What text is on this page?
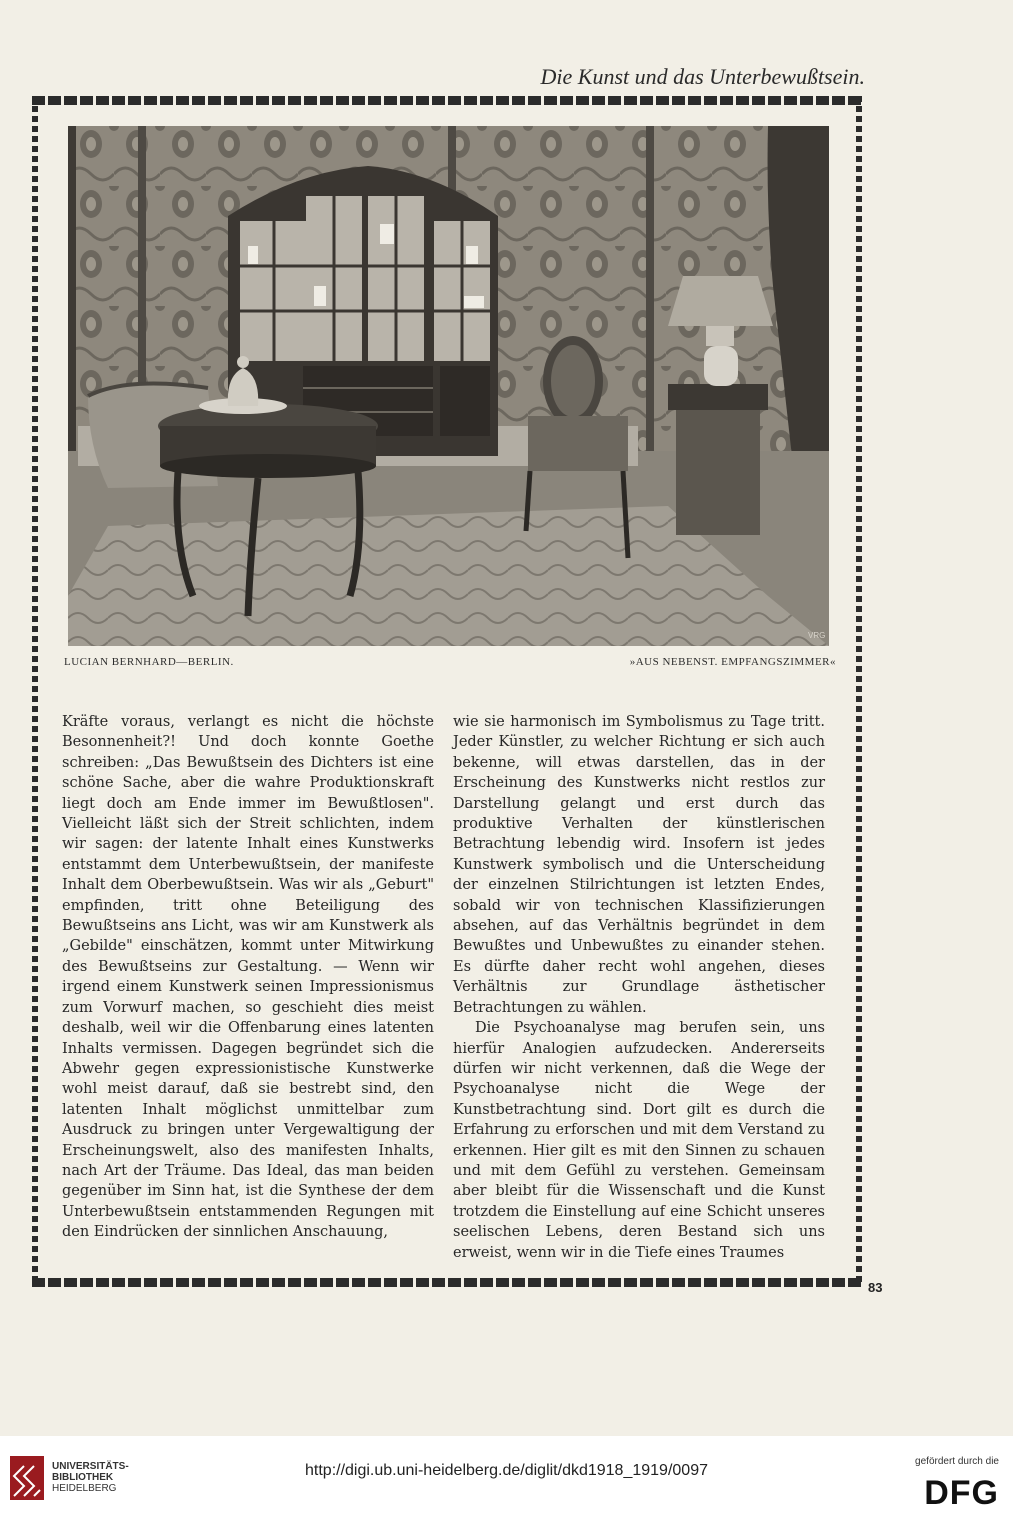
Die Kunst und das Unterbewußtsein.
VRG
LUCIAN BERNHARD—BERLIN.	»AUS NEBENST. EMPFANGSZIMMER«

Kräfte voraus, verlangt es nicht die höchste Besonnenheit?! Und doch konnte Goethe schreiben: „Das Bewußtsein des Dichters ist eine schöne Sache, aber die wahre Produktionskraft liegt doch am Ende immer im Bewußtlosen". Vielleicht läßt sich der Streit schlichten, indem wir sagen: der latente Inhalt eines Kunstwerks entstammt dem Unterbewußtsein, der manifeste Inhalt dem Oberbewußtsein. Was wir als „Geburt" empfinden, tritt ohne Beteiligung des Bewußtseins ans Licht, was wir am Kunstwerk als „Gebilde" einschätzen, kommt unter Mitwirkung des Bewußtseins zur Gestaltung. — Wenn wir irgend einem Kunstwerk seinen Impressionismus zum Vorwurf machen, so geschieht dies meist deshalb, weil wir die Offenbarung eines latenten Inhalts vermissen. Dagegen begründet sich die Abwehr gegen expressionistische Kunstwerke wohl meist darauf, daß sie bestrebt sind, den latenten Inhalt möglichst unmittelbar zum Ausdruck zu bringen unter Vergewaltigung der Erscheinungswelt, also des manifesten Inhalts, nach Art der Träume. Das Ideal, das man beiden gegenüber im Sinn hat, ist die Synthese der dem Unterbewußtsein entstammenden Regungen mit den Eindrücken der sinnlichen Anschauung,

wie sie harmonisch im Symbolismus zu Tage tritt. Jeder Künstler, zu welcher Richtung er sich auch bekenne, will etwas darstellen, das in der Erscheinung des Kunstwerks nicht restlos zur Darstellung gelangt und erst durch das produktive Verhalten der künstlerischen Betrachtung lebendig wird. Insofern ist jedes Kunstwerk symbolisch und die Unterscheidung der einzelnen Stilrichtungen ist letzten Endes, sobald wir von technischen Klassifizierungen absehen, auf das Verhältnis begründet in dem Bewußtes und Unbewußtes zu einander stehen. Es dürfte daher recht wohl angehen, dieses Verhältnis zur Grundlage ästhetischer Betrachtungen zu wählen.

Die Psychoanalyse mag berufen sein, uns hierfür Analogien aufzudecken. Andererseits dürfen wir nicht verkennen, daß die Wege der Psychoanalyse nicht die Wege der Kunstbetrachtung sind. Dort gilt es durch die Erfahrung zu erforschen und mit dem Verstand zu erkennen. Hier gilt es mit den Sinnen zu schauen und mit dem Gefühl zu verstehen. Gemeinsam aber bleibt für die Wissenschaft und die Kunst trotzdem die Einstellung auf eine Schicht unseres seelischen Lebens, deren Bestand sich uns erweist, wenn wir in die Tiefe eines Traumes

83
UNIVERSITÄTS-
BIBLIOTHEK
HEIDELBERG
http://digi.ub.uni-heidelberg.de/diglit/dkd1918_1919/0097
gefördert durch die
DFG
